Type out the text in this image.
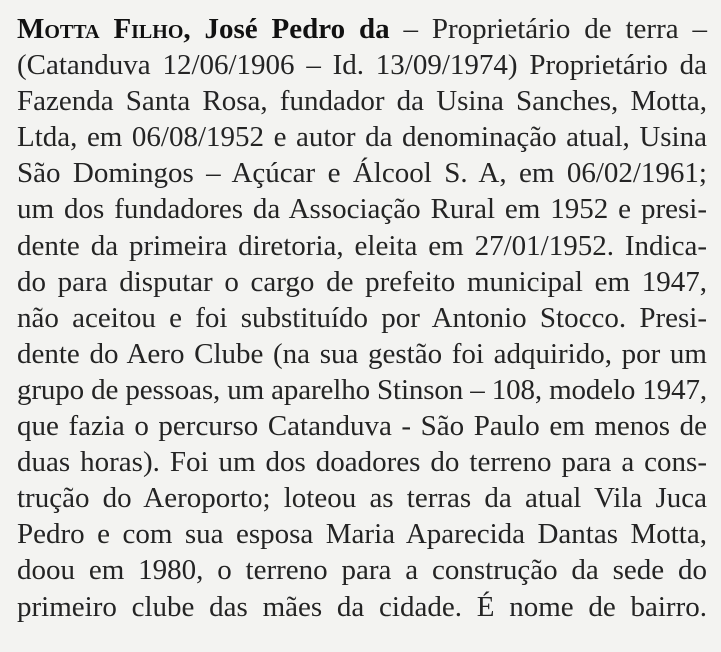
Motta Filho, José Pedro da – Proprietário de terra –
(Catanduva 12/06/1906 – Id. 13/09/1974) Proprietário da
Fazenda Santa Rosa, fundador da Usina Sanches, Motta,
Ltda, em 06/08/1952 e autor da denominação atual, Usina
São Domingos – Açúcar e Álcool S. A, em 06/02/1961;
um dos fundadores da Associação Rural em 1952 e presi-
dente da primeira diretoria, eleita em 27/01/1952. Indica-
do para disputar o cargo de prefeito municipal em 1947,
não aceitou e foi substituído por Antonio Stocco. Presi-
dente do Aero Clube (na sua gestão foi adquirido, por um
grupo de pessoas, um aparelho Stinson – 108, modelo 1947,
que fazia o percurso Catanduva - São Paulo em menos de
duas horas). Foi um dos doadores do terreno para a cons-
trução do Aeroporto; loteou as terras da atual Vila Juca
Pedro e com sua esposa Maria Aparecida Dantas Motta,
doou em 1980, o terreno para a construção da sede do
primeiro clube das mães da cidade. É nome de bairro.
